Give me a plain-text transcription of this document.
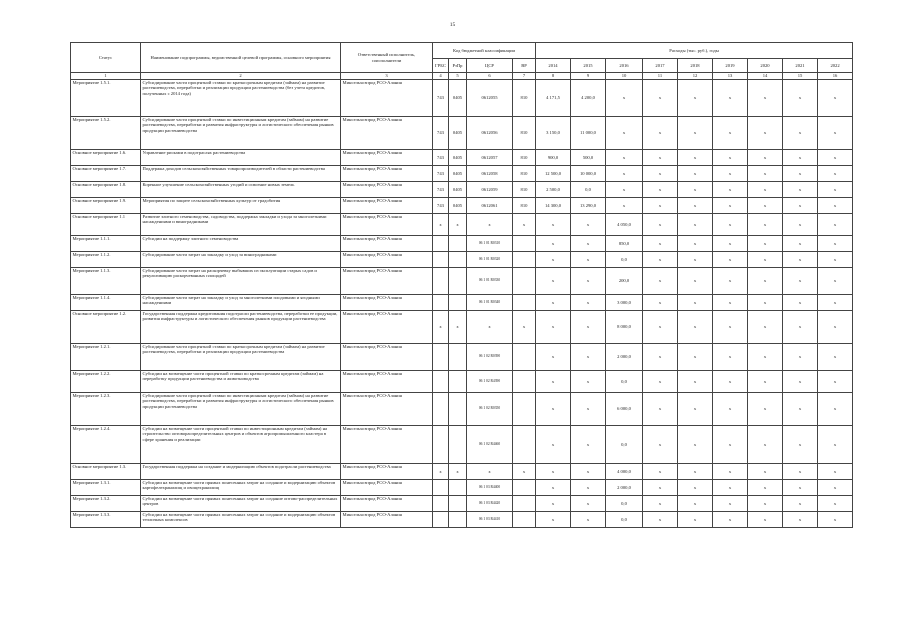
15
Статус	Наименование подпрограммы, ведомственной целевой программы, основного мероприятия	Ответственный исполнитель, соисполнители	Код бюджетной классификации				Расходы (тыс. руб.), годы								
			ГРБС	РзПр	ЦСР	ВР	2014	2015	2016	2017	2018	2019	2020	2021	2022
1	2	3	4	5	6	7	8	9	10	11	12	13	14	15	16
Мероприятие 1.5.1.	Субсидирование части процентной ставки по краткосрочным кредитам (займам) на развитие растениеводства, переработки и реализации продукции растениеводства (без учета кредитов, полученных с 2014 года)	Минсельхозпрод РСО-Алания	743	0405	0612055	810	4 171,5	4 200,0	х	х	х	х	х	х	х
Мероприятие 1.5.2.	Субсидирование части процентной ставки по инвестиционным кредитам (займам) на развитие растениеводства, переработки и развития инфраструктуры и логистического обеспечения рынков продукции растениеводства	Минсельхозпрод РСО-Алания	743	0405	0612056	810	3 150,0	11 000,0	х	х	х	х	х	х	х
Основное мероприятие 1.6.	Управление рисками в подотраслях растениеводства	Минсельхозпрод РСО-Алания	743	0405	0612057	810	900,0	500,0	х	х	х	х	х	х	х
Основное мероприятие 1.7.	Поддержка доходов сельскохозяйственных товаропроизводителей в области растениеводства	Минсельхозпрод РСО-Алания	743	0405	0612058	810	12 500,0	10 000,0	х	х	х	х	х	х	х
Основное мероприятие 1.8.	Коренное улучшение сельскохозяйственных угодий и освоение новых земель	Минсельхозпрод РСО-Алания	743	0405	0612059	810	2 500,0	0,0	х	х	х	х	х	х	х
Основное мероприятие 1.9.	Мероприятия по защите сельскохозяйственных культур от градобития	Минсельхозпрод РСО-Алания	743	0405	0612061	810	14 300,0	13 290,0	х	х	х	х	х	х	х
Основное мероприятие 1.1	Развитие элитного семеноводства, садоводства, поддержка закладки и ухода за многолетними насаждениями и виноградниками	Минсельхозпрод РСО-Алания	х	х	х	х	х	х	4 050,0	х	х	х	х	х	х
Мероприятие 1.1.1.	Субсидии на поддержку элитного семеноводства	Минсельхозпрод РСО-Алания			06 1 01 R0310		х	х	850,0	х	х	х	х	х	х
Мероприятие 1.1.2.	Субсидирование части затрат на закладку и уход за виноградниками	Минсельхозпрод РСО-Алания			06 1 01 R0320		х	х	0,0	х	х	х	х	х	х
Мероприятие 1.1.3.	Субсидирование части затрат на раскорчевку выбывших из эксплуатации старых садов и рекультивацию раскорчеванных площадей	Минсельхозпрод РСО-Алания			06 1 01 R0330		х	х	200,0	х	х	х	х	х	х
Мероприятие 1.1.4.	Субсидирование части затрат на закладку и уход за многолетними плодовыми и ягодными насаждениями	Минсельхозпрод РСО-Алания			06 1 01 R0340		х	х	3 000,0	х	х	х	х	х	х
Основное мероприятие 1.2.	Государственная поддержка кредитования подотрасли растениеводства, переработки ее продукции, развития инфраструктуры и логистического обеспечения рынков продукции растениеводства	Минсельхозпрод РСО-Алания	х	х	х	х	х	х	8 000,0	х	х	х	х	х	х
Мероприятие 1.2.1.	Субсидирование части процентной ставки по краткосрочным кредитам (займам) на развитие растениеводства, переработки и реализации продукции растениеводства	Минсельхозпрод РСО-Алания			06 1 02 R0390		х	х	2 000,0	х	х	х	х	х	х
Мероприятие 1.2.2.	Субсидии на возмещение части процентной ставки по краткосрочным кредитам (займам) на переработку продукции растениеводства и животноводства	Минсельхозпрод РСО-Алания			06 1 02 R4390		х	х	0,0	х	х	х	х	х	х
Мероприятие 1.2.3.	Субсидирование части процентной ставки по инвестиционным кредитам (займам) на развитие растениеводства, переработки и развития инфраструктуры и логистического обеспечения рынков продукции растениеводства	Минсельхозпрод РСО-Алания			06 1 02 R0350		х	х	6 000,0	х	х	х	х	х	х
Мероприятие 1.2.4.	Субсидии на возмещение части процентной ставки по инвестиционным кредитам (займам) на строительство оптовораспределительных центров и объектов агропромышленного кластера в сфере хранения и реализации	Минсельхозпрод РСО-Алания			06 1 02 R4460		х	х	0,0	х	х	х	х	х	х
Основное мероприятие 1.3.	Государственная поддержка на создание и модернизацию объектов подотрасли растениеводства	Минсельхозпрод РСО-Алания	х	х	х	х	х	х	4 000,0	х	х	х	х	х	х
Мероприятие 1.3.1.	Субсидии на возмещение части прямых понесенных затрат на создание и модернизацию объектов картофелехранилищ и овощехранилищ	Минсельхозпрод РСО-Алания			06 1 03 R4400		х	х	2 000,0	х	х	х	х	х	х
Мероприятие 1.3.2.	Субсидии на возмещение части прямых понесенных затрат на создание оптово-распределительных центров	Минсельхозпрод РСО-Алания			06 1 03 R4420		х	х	0,0	х	х	х	х	х	х
Мероприятие 1.3.3.	Субсидии на возмещение части прямых понесенных затрат на создание и модернизацию объектов тепличных комплексов	Минсельхозпрод РСО-Алания			06 1 03 R4410		х	х	0,0	х	х	х	х	х	х
